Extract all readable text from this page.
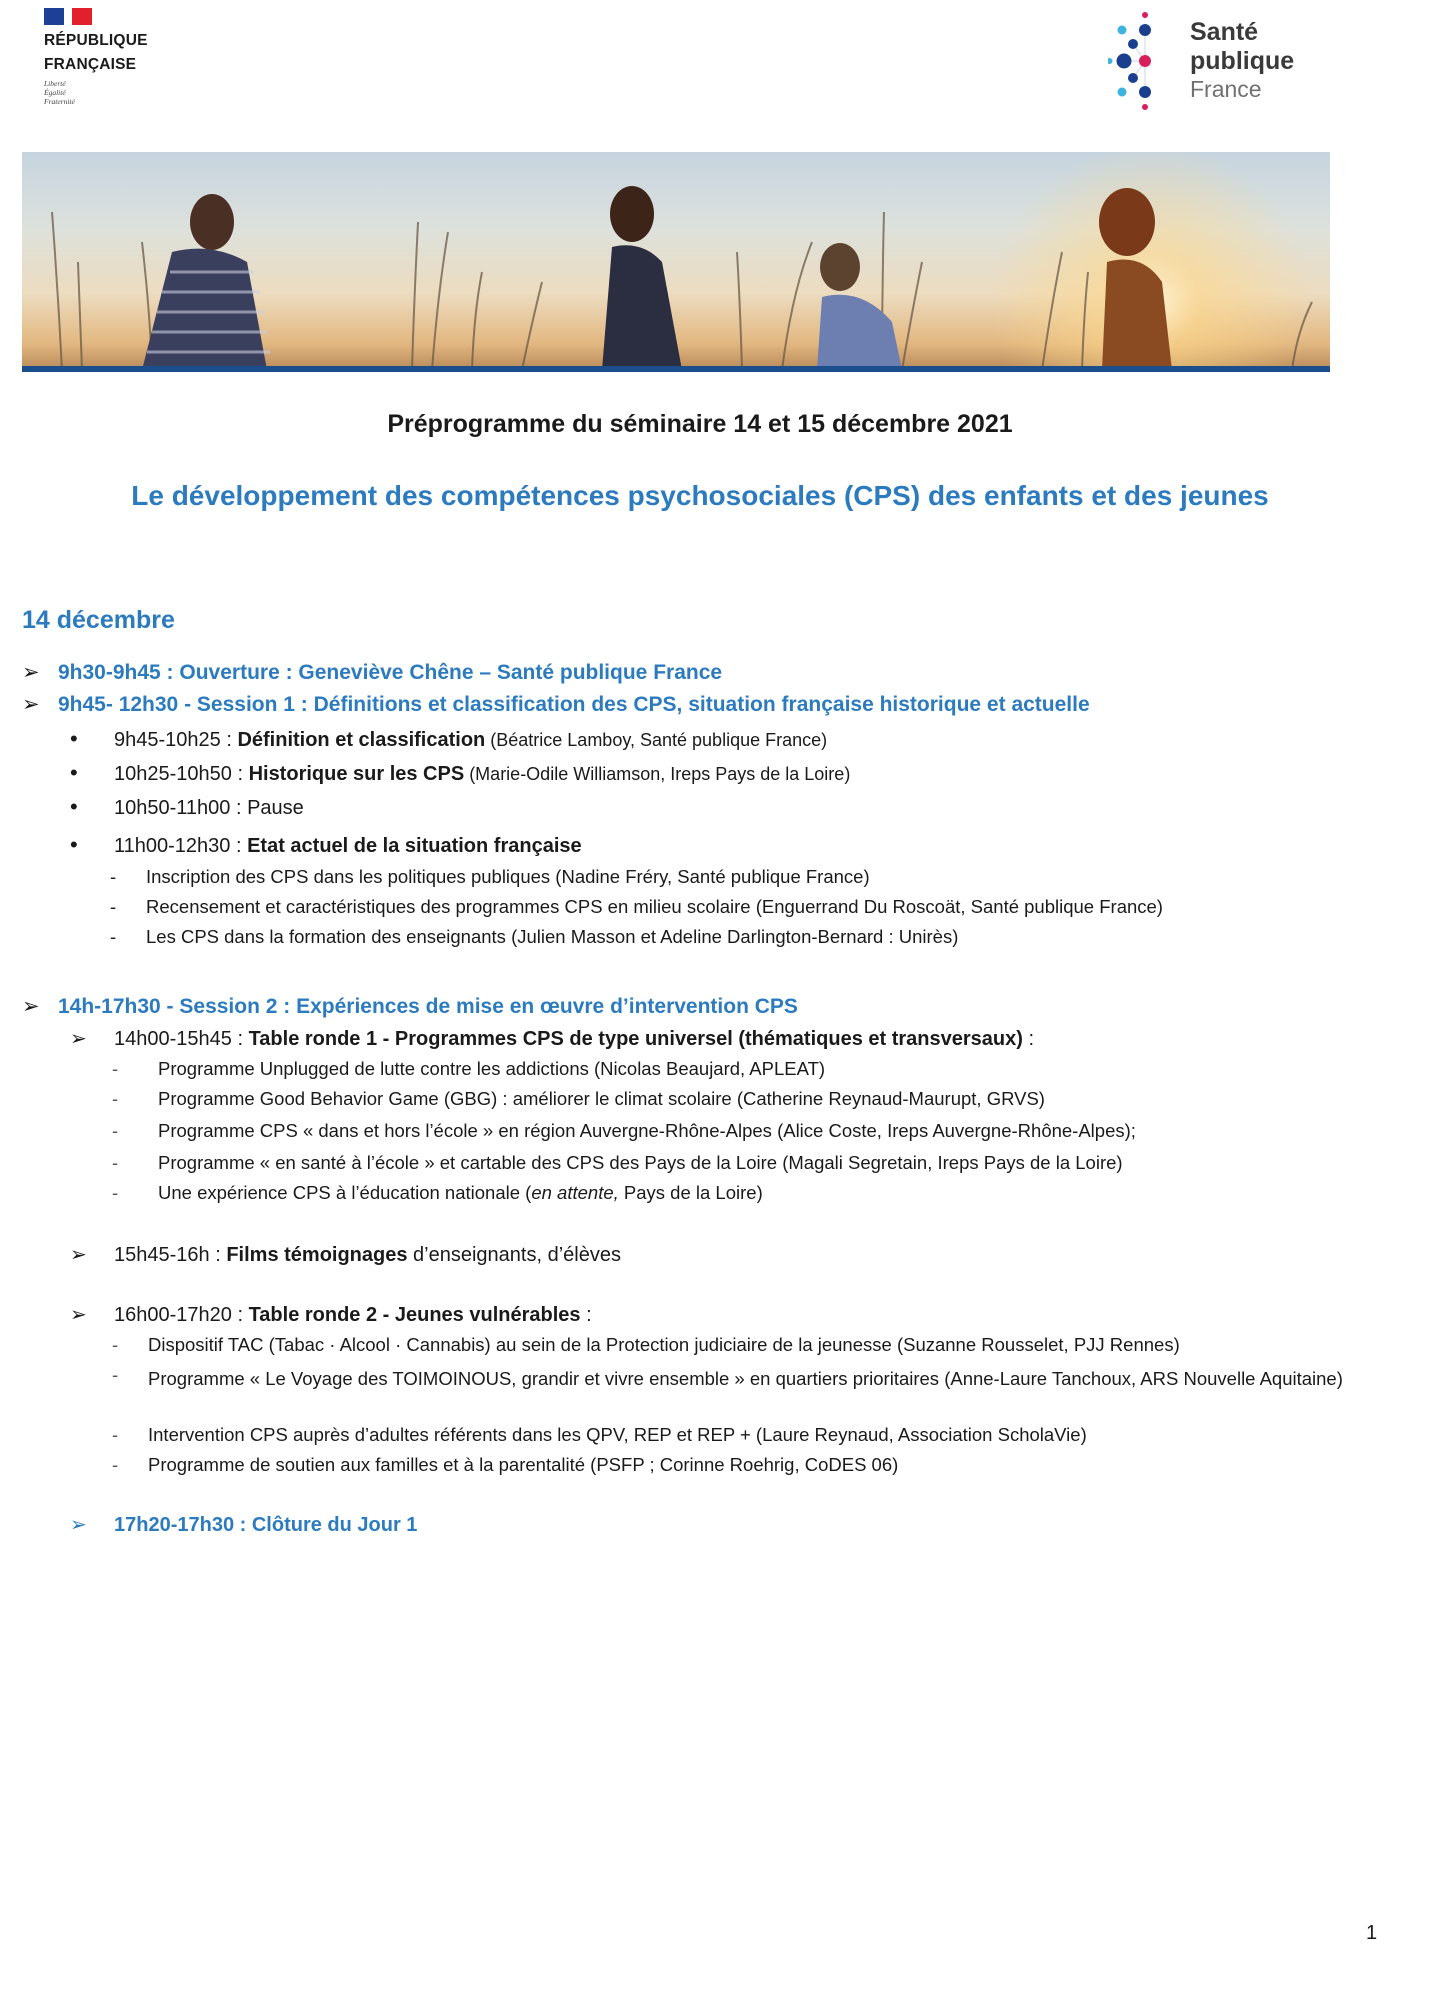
RÉPUBLIQUE
FRANÇAISE
Liberté
Égalité
Fraternité
Santé
publique
France
Préprogramme du séminaire 14 et 15 décembre 2021
Le développement des compétences psychosociales (CPS) des enfants et des jeunes
14 décembre
➢ 9h30-9h45 : Ouverture : Geneviève Chêne – Santé publique France
➢ 9h45- 12h30 - Session 1 : Définitions et classification des CPS, situation française historique et actuelle
• 9h45-10h25 : Définition et classification (Béatrice Lamboy, Santé publique France)
• 10h25-10h50 : Historique sur les CPS (Marie-Odile Williamson, Ireps Pays de la Loire)
• 10h50-11h00 : Pause
• 11h00-12h30 : Etat actuel de la situation française
- Inscription des CPS dans les politiques publiques (Nadine Fréry, Santé publique France)
- Recensement et caractéristiques des programmes CPS en milieu scolaire (Enguerrand Du Roscoät, Santé publique France)
- Les CPS dans la formation des enseignants (Julien Masson et Adeline Darlington-Bernard : Unirès)
➢ 14h-17h30 - Session 2 : Expériences de mise en œuvre d’intervention CPS
➢ 14h00-15h45 : Table ronde 1 - Programmes CPS de type universel (thématiques et transversaux) :
- Programme Unplugged de lutte contre les addictions (Nicolas Beaujard, APLEAT)
- Programme Good Behavior Game (GBG) : améliorer le climat scolaire (Catherine Reynaud-Maurupt, GRVS)
- Programme CPS « dans et hors l’école » en région Auvergne-Rhône-Alpes (Alice Coste, Ireps Auvergne-Rhône-Alpes);
- Programme « en santé à l’école » et cartable des CPS des Pays de la Loire (Magali Segretain, Ireps Pays de la Loire)
- Une expérience CPS à l’éducation nationale (en attente, Pays de la Loire)
➢ 15h45-16h : Films témoignages d’enseignants, d’élèves
➢ 16h00-17h20 : Table ronde 2 - Jeunes vulnérables :
- Dispositif TAC (Tabac · Alcool · Cannabis) au sein de la Protection judiciaire de la jeunesse (Suzanne Rousselet, PJJ Rennes)
-	Programme « Le Voyage des TOIMOINOUS, grandir et vivre ensemble » en quartiers prioritaires (Anne-Laure Tanchoux, ARS Nouvelle Aquitaine)
- Intervention CPS auprès d’adultes référents dans les QPV, REP et REP + (Laure Reynaud, Association ScholaVie)
- Programme de soutien aux familles et à la parentalité (PSFP ; Corinne Roehrig, CoDES 06)
➢ 17h20-17h30 : Clôture du Jour 1
1
